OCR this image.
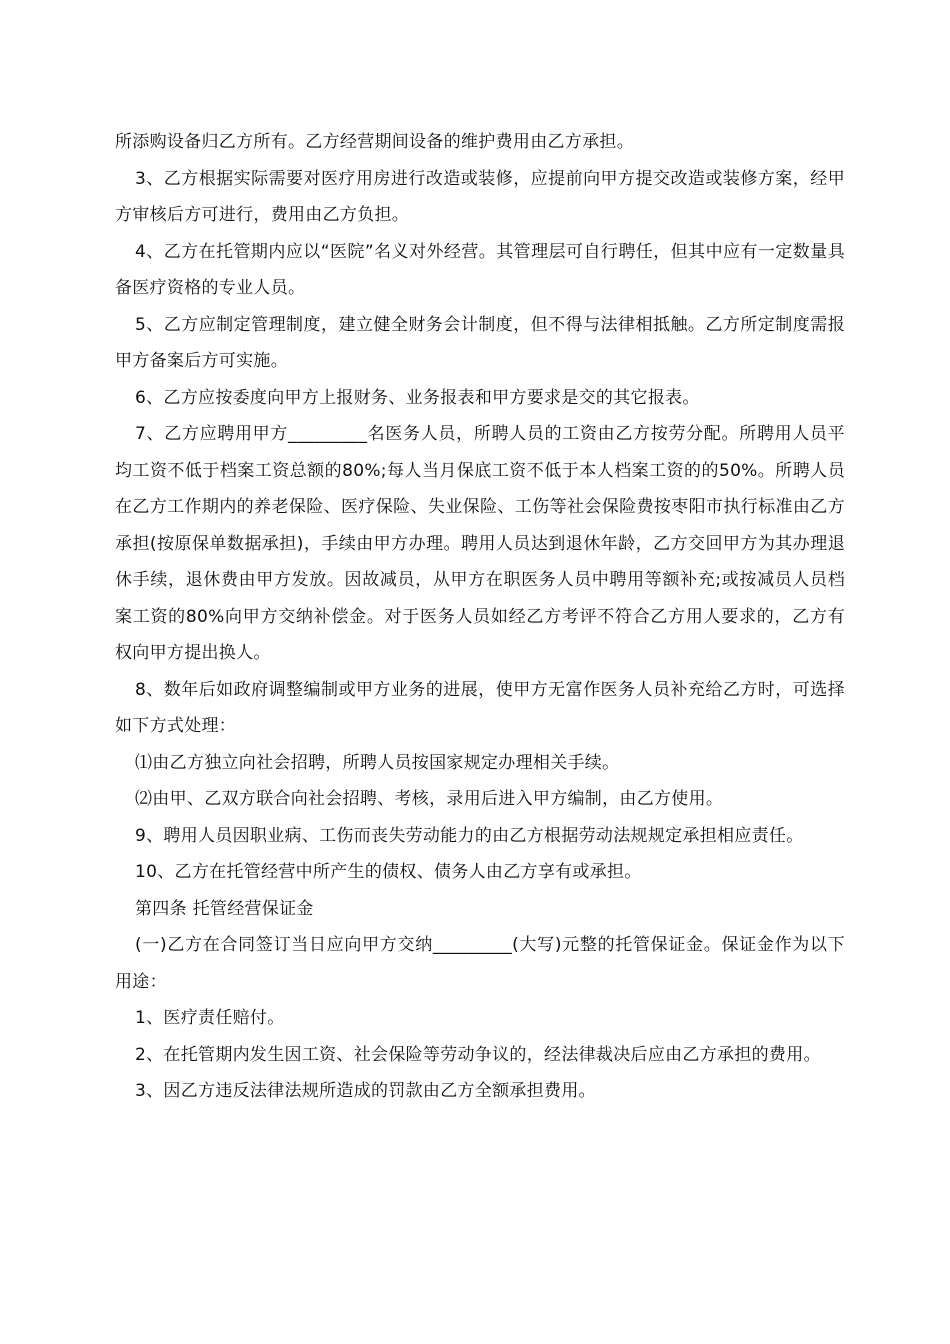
所添购设备归乙方所有。乙方经营期间设备的维护费用由乙方承担。

3、乙方根据实际需要对医疗用房进行改造或装修，应提前向甲方提交改造或装修方案，经甲方审核后方可进行，费用由乙方负担。

4、乙方在托管期内应以“医院”名义对外经营。其管理层可自行聘任，但其中应有一定数量具备医疗资格的专业人员。

5、乙方应制定管理制度，建立健全财务会计制度，但不得与法律相抵触。乙方所定制度需报甲方备案后方可实施。

6、乙方应按委度向甲方上报财务、业务报表和甲方要求是交的其它报表。

7、乙方应聘用甲方_________名医务人员，所聘人员的工资由乙方按劳分配。所聘用人员平均工资不低于档案工资总额的80%;每人当月保底工资不低于本人档案工资的的50%。所聘人员在乙方工作期内的养老保险、医疗保险、失业保险、工伤等社会保险费按枣阳市执行标准由乙方承担(按原保单数据承担)，手续由甲方办理。聘用人员达到退休年龄，乙方交回甲方为其办理退休手续，退休费由甲方发放。因故减员，从甲方在职医务人员中聘用等额补充;或按减员人员档案工资的80%向甲方交纳补偿金。对于医务人员如经乙方考评不符合乙方用人要求的，乙方有权向甲方提出换人。

8、数年后如政府调整编制或甲方业务的进展，使甲方无富作医务人员补充给乙方时，可选择如下方式处理：

⑴由乙方独立向社会招聘，所聘人员按国家规定办理相关手续。

⑵由甲、乙双方联合向社会招聘、考核，录用后进入甲方编制，由乙方使用。

9、聘用人员因职业病、工伤而丧失劳动能力的由乙方根据劳动法规规定承担相应责任。

10、乙方在托管经营中所产生的债权、债务人由乙方享有或承担。

第四条 托管经营保证金

(一)乙方在合同签订当日应向甲方交纳_________(大写)元整的托管保证金。保证金作为以下用途：

1、医疗责任赔付。

2、在托管期内发生因工资、社会保险等劳动争议的，经法律裁决后应由乙方承担的费用。

3、因乙方违反法律法规所造成的罚款由乙方全额承担费用。
